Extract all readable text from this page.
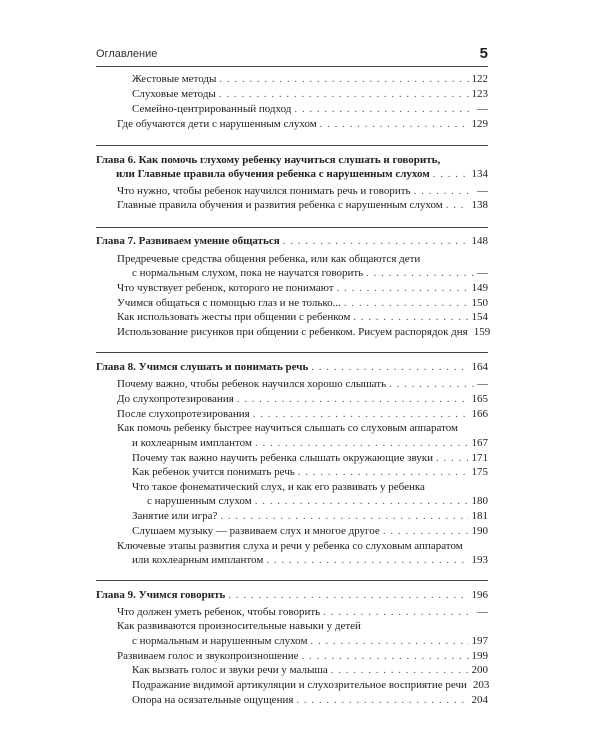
Оглавление	5
Жестовые методы . . .	122
Слуховые методы . . .	123
Семейно-центрированный подход . . .	—
Где обучаются дети с нарушенным слухом . . .	129
Глава 6. Как помочь глухому ребенку научиться слушать и говорить,
или Главные правила обучения ребенка с нарушенным слухом . . .	134
Что нужно, чтобы ребенок научился понимать речь и говорить . . .	—
Главные правила обучения и развития ребенка с нарушенным слухом . . .	138
Глава 7. Развиваем умение общаться . . .	148
Предречевые средства общения ребенка, или как общаются дети
с нормальным слухом, пока не научатся говорить . . .	—
Что чувствует ребенок, которого не понимают . . .	149
Учимся общаться с помощью глаз и не только... . . .	150
Как использовать жесты при общении с ребенком . . .	154
Использование рисунков при общении с ребенком. Рисуем распорядок дня 159
Глава 8. Учимся слушать и понимать речь . . .	164
Почему важно, чтобы ребенок научился хорошо слышать . . .	—
До слухопротезирования . . .	165
После слухопротезирования . . .	166
Как помочь ребенку быстрее научиться слышать со слуховым аппаратом
и кохлеарным имплантом . . .	167
Почему так важно научить ребенка слышать окружающие звуки . . .	171
Как ребенок учится понимать речь . . .	175
Что такое фонематический слух, и как его развивать у ребенка
с нарушенным слухом . . .	180
Занятие или игра? . . .	181
Слушаем музыку — развиваем слух и многое другое . . .	190
Ключевые этапы развития слуха и речи у ребенка со слуховым аппаратом
или кохлеарным имплантом . . .	193
Глава 9. Учимся говорить . . .	196
Что должен уметь ребенок, чтобы говорить . . .	—
Как развиваются произносительные навыки у детей
с нормальным и нарушенным слухом . . .	197
Развиваем голос и звукопроизношение . . .	199
Как вызвать голос и звуки речи у малыша . . .	200
Подражание видимой артикуляции и слухозрительное восприятие речи 203
Опора на осязательные ощущения . . .	204
